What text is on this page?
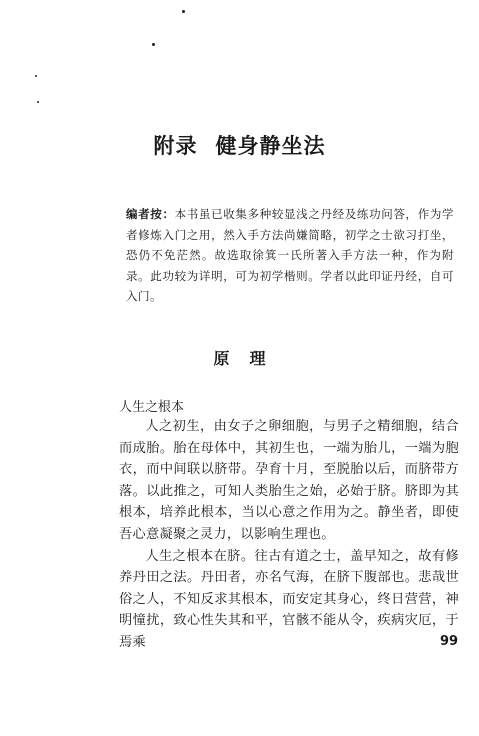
附录 健身静坐法
编者按：本书虽已收集多种较显浅之丹经及练功问答，作为学者修炼入门之用，然入手方法尚嫌简略，初学之士欲习打坐，恐仍不免茫然。故选取徐箕一氏所著入手方法一种，作为附录。此功较为详明，可为初学楷则。学者以此印证丹经，自可入门。
原 理
人生之根本

人之初生，由女子之卵细胞，与男子之精细胞，结合而成胎。胎在母体中，其初生也，一端为胎儿，一端为胞衣，而中间联以脐带。孕育十月，至脱胎以后，而脐带方落。以此推之，可知人类胎生之始，必始于脐。脐即为其根本，培养此根本，当以心意之作用为之。静坐者，即使吾心意凝聚之灵力，以影响生理也。

人生之根本在脐。往古有道之士，盖早知之，故有修养丹田之法。丹田者，亦名气海，在脐下腹部也。悲哉世俗之人，不知反求其根本，而安定其身心，终日营营，神明憧扰，致心性失其和平，官骸不能从令，疾病灾厄，于焉乘	99
